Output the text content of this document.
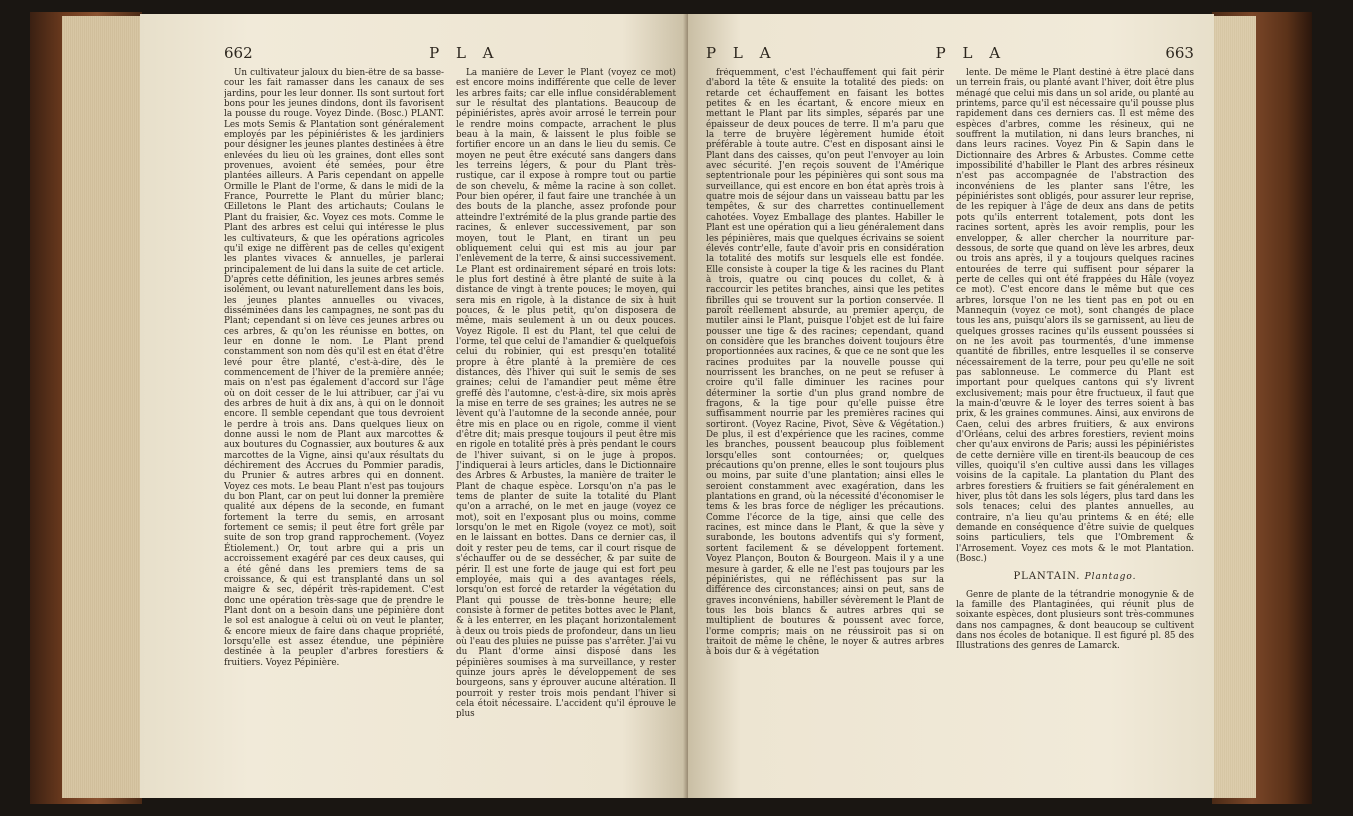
662	P L A

Un cultivateur jaloux du bien-être de sa basse-cour les fait ramasser dans les canaux de ses jardins, pour les leur donner. Ils sont surtout fort bons pour les jeunes dindons, dont ils favorisent la pousse du rouge. Voyez Dinde. (Bosc.) PLANT. Les mots Semis & Plantation sont généralement employés par les pépiniéristes & les jardiniers pour désigner les jeunes plantes destinées à être enlevées du lieu où les graines, dont elles sont provenues, avoient été semées, pour être plantées ailleurs. A Paris cependant on appelle Ormille le Plant de l'orme, & dans le midi de la France, Pourrette le Plant du mûrier blanc; Œilletons le Plant des artichauts; Coulans le Plant du fraisier, &c. Voyez ces mots. Comme le Plant des arbres est celui qui intéresse le plus les cultivateurs, & que les opérations agricoles qu'il exige ne diffèrent pas de celles qu'exigent les plantes vivaces & annuelles, je parlerai principalement de lui dans la suite de cet article. D'après cette définition, les jeunes arbres semés isolément, ou levant naturellement dans les bois, les jeunes plantes annuelles ou vivaces, disséminées dans les campagnes, ne sont pas du Plant; cependant si on lève ces jeunes arbres ou ces arbres, & qu'on les réunisse en bottes, on leur en donne le nom. Le Plant prend constamment son nom dès qu'il est en état d'être levé pour être planté, c'est-à-dire, dès le commencement de l'hiver de la première année; mais on n'est pas également d'accord sur l'âge où on doit cesser de le lui attribuer, car j'ai vu des arbres de huit à dix ans, à qui on le donnoit encore. Il semble cependant que tous devroient le perdre à trois ans. Dans quelques lieux on donne aussi le nom de Plant aux marcottes & aux boutures du Cognassier, aux boutures & aux marcottes de la Vigne, ainsi qu'aux résultats du déchirement des Accrues du Pommier paradis, du Prunier & autres arbres qui en donnent. Voyez ces mots. Le beau Plant n'est pas toujours du bon Plant, car on peut lui donner la première qualité aux dépens de la seconde, en fumant fortement la terre du semis, en arrosant fortement ce semis; il peut être fort grêle par suite de son trop grand rapprochement. (Voyez Étiolement.) Or, tout arbre qui a pris un accroissement exagéré par ces deux causes, qui a été gêné dans les premiers tems de sa croissance, & qui est transplanté dans un sol maigre & sec, dépérit très-rapidement. C'est donc une opération très-sage que de prendre le Plant dont on a besoin dans une pépinière dont le sol est analogue à celui où on veut le planter, & encore mieux de faire dans chaque propriété, lorsqu'elle est assez étendue, une pépinière destinée à la peupler d'arbres forestiers & fruitiers. Voyez Pépinière.

La manière de Lever le Plant (voyez ce mot) est encore moins indifférente que celle de lever les arbres faits; car elle influe considérablement sur le résultat des plantations. Beaucoup de pépiniéristes, après avoir arrosé le terrein pour le rendre moins compacte, arrachent le plus beau à la main, & laissent le plus foible se fortifier encore un an dans le lieu du semis. Ce moyen ne peut être exécuté sans dangers dans les terreins légers, & pour du Plant très-rustique, car il expose à rompre tout ou partie de son chevelu, & même la racine à son collet. Pour bien opérer, il faut faire une tranchée à un des bouts de la planche, assez profonde pour atteindre l'extrémité de la plus grande partie des racines, & enlever successivement, par son moyen, tout le Plant, en tirant un peu obliquement celui qui est mis au jour par l'enlèvement de la terre, & ainsi successivement. Le Plant est ordinairement séparé en trois lots: le plus fort destiné à être planté de suite à la distance de vingt à trente pouces; le moyen, qui sera mis en rigole, à la distance de six à huit pouces, & le plus petit, qu'on disposera de même, mais seulement à un ou deux pouces. Voyez Rigole. Il est du Plant, tel que celui de l'orme, tel que celui de l'amandier & quelquefois celui du robinier, qui est presqu'en totalité propre à être planté à la première de ces distances, dès l'hiver qui suit le semis de ses graines; celui de l'amandier peut même être greffé dès l'automne, c'est-à-dire, six mois après la mise en terre de ses graines; les autres ne se lèvent qu'à l'automne de la seconde année, pour être mis en place ou en rigole, comme il vient d'être dit; mais presque toujours il peut être mis en rigole en totalité près à près pendant le cours de l'hiver suivant, si on le juge à propos. J'indiquerai à leurs articles, dans le Dictionnaire des Arbres & Arbustes, la manière de traiter le Plant de chaque espèce. Lorsqu'on n'a pas le tems de planter de suite la totalité du Plant qu'on a arraché, on le met en jauge (voyez ce mot), soit en l'exposant plus ou moins, comme lorsqu'on le met en Rigole (voyez ce mot), soit en le laissant en bottes. Dans ce dernier cas, il doit y rester peu de tems, car il court risque de s'échauffer ou de se dessécher, & par suite de périr. Il est une forte de jauge qui est fort peu employée, mais qui a des avantages réels, lorsqu'on est forcé de retarder la végétation du Plant qui pousse de très-bonne heure; elle consiste à former de petites bottes avec le Plant, & à les enterrer, en les plaçant horizontalement à deux ou trois pieds de profondeur, dans un lieu où l'eau des pluies ne puisse pas s'arrêter. J'ai vu du Plant d'orme ainsi disposé dans les pépinières soumises à ma surveillance, y rester quinze jours après le développement de ses bourgeons, sans y éprouver aucune altération. Il pourroit y rester trois mois pendant l'hiver si cela étoit nécessaire. L'accident qu'il éprouve le plus

P L A	P L A	663

fréquemment, c'est l'échauffement qui fait périr d'abord la tête & ensuite la totalité des pieds: on retarde cet échauffement en faisant les bottes petites & en les écartant, & encore mieux en mettant le Plant par lits simples, séparés par une épaisseur de deux pouces de terre. Il m'a paru que la terre de bruyère légèrement humide étoit préférable à toute autre. C'est en disposant ainsi le Plant dans des caisses, qu'on peut l'envoyer au loin avec sécurité. J'en reçois souvent de l'Amérique septentrionale pour les pépinières qui sont sous ma surveillance, qui est encore en bon état après trois à quatre mois de séjour dans un vaisseau battu par les tempêtes, & sur des charrettes continuellement cahotées. Voyez Emballage des plantes. Habiller le Plant est une opération qui a lieu généralement dans les pépinières, mais que quelques écrivains se soient élevés contr'elle, faute d'avoir pris en considération la totalité des motifs sur lesquels elle est fondée. Elle consiste à couper la tige & les racines du Plant à trois, quatre ou cinq pouces du collet, & à raccourcir les petites branches, ainsi que les petites fibrilles qui se trouvent sur la portion conservée. Il paroît réellement absurde, au premier aperçu, de mutiler ainsi le Plant, puisque l'objet est de lui faire pousser une tige & des racines; cependant, quand on considère que les branches doivent toujours être proportionnées aux racines, & que ce ne sont que les racines produites par la nouvelle pousse qui nourrissent les branches, on ne peut se refuser à croire qu'il falle diminuer les racines pour déterminer la sortie d'un plus grand nombre de fragons, & la tige pour qu'elle puisse être suffisamment nourrie par les premières racines qui sortiront. (Voyez Racine, Pivot, Sève & Végétation.) De plus, il est d'expérience que les racines, comme les branches, poussent beaucoup plus foiblement lorsqu'elles sont contournées; or, quelques précautions qu'on prenne, elles le sont toujours plus ou moins, par suite d'une plantation; ainsi elles le seroient constamment avec exagération, dans les plantations en grand, où la nécessité d'économiser le tems & les bras force de négliger les précautions. Comme l'écorce de la tige, ainsi que celle des racines, est mince dans le Plant, & que la sève y surabonde, les boutons adventifs qui s'y forment, sortent facilement & se développent fortement. Voyez Plançon, Bouton & Bourgeon. Mais il y a une mesure à garder, & elle ne l'est pas toujours par les pépiniéristes, qui ne réfléchissent pas sur la différence des circonstances; ainsi on peut, sans de graves inconvéniens, habiller sévèrement le Plant de tous les bois blancs & autres arbres qui se multiplient de boutures & poussent avec force, l'orme compris; mais on ne réussiroit pas si on traitoit de même le chêne, le noyer & autres arbres à bois dur & à végétation

lente. De même le Plant destiné à être placé dans un terrein frais, ou planté avant l'hiver, doit être plus ménagé que celui mis dans un sol aride, ou planté au printems, parce qu'il est nécessaire qu'il pousse plus rapidement dans ces derniers cas. Il est même des espèces d'arbres, comme les résineux, qui ne souffrent la mutilation, ni dans leurs branches, ni dans leurs racines. Voyez Pin & Sapin dans le Dictionnaire des Arbres & Arbustes. Comme cette impossibilité d'habiller le Plant des arbres résineux n'est pas accompagnée de l'abstraction des inconvéniens de les planter sans l'être, les pépiniéristes sont obligés, pour assurer leur reprise, de les repiquer à l'âge de deux ans dans de petits pots qu'ils enterrent totalement, pots dont les racines sortent, après les avoir remplis, pour les envelopper, & aller chercher la nourriture par-dessous, de sorte que quand on lève les arbres, deux ou trois ans après, il y a toujours quelques racines entourées de terre qui suffisent pour séparer la perte de celles qui ont été frappées du Hâle (voyez ce mot). C'est encore dans le même but que ces arbres, lorsque l'on ne les tient pas en pot ou en Mannequin (voyez ce mot), sont changés de place tous les ans, puisqu'alors ils se garnissent, au lieu de quelques grosses racines qu'ils eussent poussées si on ne les avoit pas tourmentés, d'une immense quantité de fibrilles, entre lesquelles il se conserve nécessairement de la terre, pour peu qu'elle ne soit pas sablonneuse. Le commerce du Plant est important pour quelques cantons qui s'y livrent exclusivement; mais pour être fructueux, il faut que la main-d'œuvre & le loyer des terres soient à bas prix, & les graines communes. Ainsi, aux environs de Caen, celui des arbres fruitiers, & aux environs d'Orléans, celui des arbres forestiers, revient moins cher qu'aux environs de Paris; aussi les pépiniéristes de cette dernière ville en tirent-ils beaucoup de ces villes, quoiqu'il s'en cultive aussi dans les villages voisins de la capitale. La plantation du Plant des arbres forestiers & fruitiers se fait généralement en hiver, plus tôt dans les sols légers, plus tard dans les sols tenaces; celui des plantes annuelles, au contraire, n'a lieu qu'au printems & en été; elle demande en conséquence d'être suivie de quelques soins particuliers, tels que l'Ombrement & l'Arrosement. Voyez ces mots & le mot Plantation. (Bosc.)

PLANTAIN. Plantago.

Genre de plante de la tétrandrie monogynie & de la famille des Plantaginées, qui réunit plus de soixante espèces, dont plusieurs sont très-communes dans nos campagnes, & dont beaucoup se cultivent dans nos écoles de botanique. Il est figuré pl. 85 des Illustrations des genres de Lamarck.
